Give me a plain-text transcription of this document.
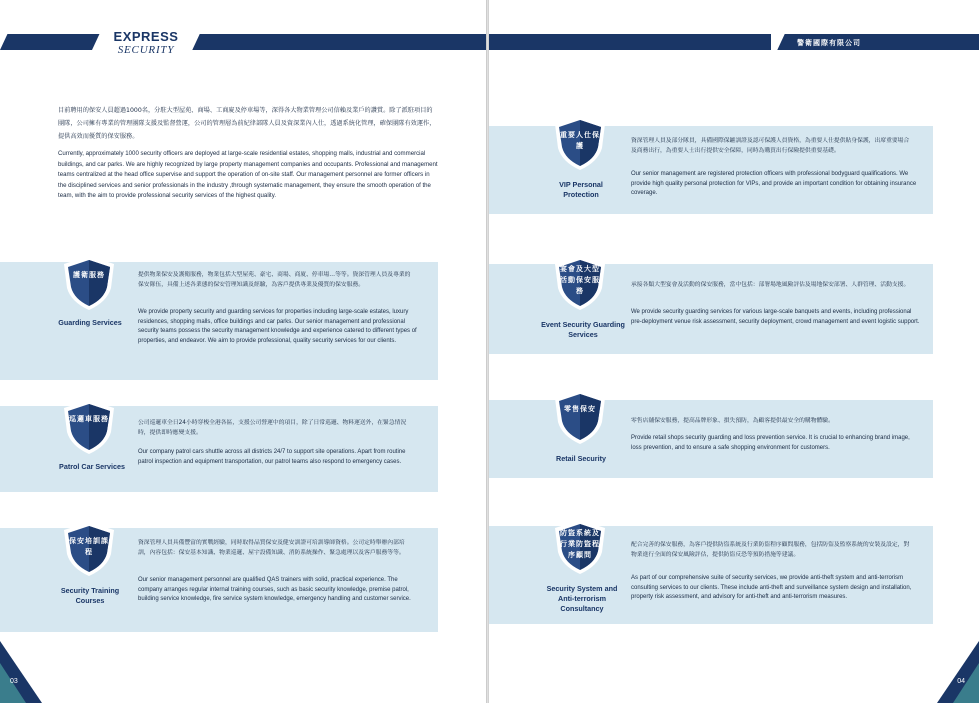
EXPRESS
SECURITY

目前聘用的保安人員超過1000名，分駐大型屋苑、商場、工商廈及停車場等，深得各大物業管理公司信賴及業戶的讚賞。除了派駐項目的團隊，公司擁有專業的管理團隊支援及監督營運，公司的管理層為前紀律部隊人員及資深業內人仕，透過系統化管理，確保團隊有效運作，提供高效而優質的保安服務。

Currently, approximately 1000 security officers are deployed at large-scale residential estates, shopping malls, industrial and commercial buildings, and car parks. We are highly recognized by large property management companies and occupants. Professional and management teams centralized at the head office supervise and support the operation of on-site staff. Our management personnel are former officers in the disciplined services and senior professionals in the industry ,through systematic management, they ensure the smooth operation of the team, with the aim to provide professional security services of the highest quality.

護衛服務
Guarding Services
提供物業保安及護衛服務，物業包括大型屋苑、豪宅、商場、商廈、停車場…等等。資深管理人員及專業的保安隊伍，具備上述各業態的保安管理知識及經驗，為客戶提供專業及優質的保安服務。
We provide property security and guarding services for properties including large-scale estates, luxury residences, shopping malls, office buildings and car parks. Our senior management and professional security teams possess the security management knowledge and experience catered to different types of properties, and endeavor. We aim to provide professional, quality security services for our clients.
巡邏車服務
Patrol Car Services
公司巡邏車全日24小時穿梭全港各區，支援公司營運中的項目，除了日常巡邏、物料運送外，在緊急情況時，提供即時應變支援。
Our company patrol cars shuttle across all districts 24/7 to support site operations. Apart from routine patrol inspection and equipment transportation, our patrol teams also respond to emergency cases.
保安培訓課程
Security Training Courses
資深管理人員具備豐富的實戰經驗，同時取得品質保安及健安訓證可培訓導師資格。公司定時舉辦內部培訓，內容包括：保安基本知識、物業巡邏、屋宇設備知識、消防系統操作、緊急處理以及客戶服務等等。
Our senior management personnel are qualified QAS trainers with solid, practical experience. The company arranges regular internal training courses, such as basic security knowledge, premise patrol, building service knowledge, fire service system knowledge, emergency handling and customer service.
03
警衛國際有限公司
重要人仕保護
VIP Personal Protection
資深管理人員及部分隊員，具備國際保鑣訓證及認可保護人員資格，為重要人仕提供貼身保護，出席重要場合及商務出行，為重要人士出行提供安全保障，同時為購買出行保險提供重要基礎。
Our senior management are registered protection officers with professional bodyguard qualifications. We provide high quality personal protection for VIPs, and provide an important condition for obtaining insurance coverage.
宴會及大型活動保安服務
Event Security Guarding Services
承接各類大型宴會及活動的保安服務，當中包括：部署場地風險評估及場地保安部署、人群管理、活動支援。
We provide security guarding services for various large-scale banquets and events, including professional pre-deployment venue risk assessment, security deployment, crowd management and event logistic support.
零售保安
Retail Security
零售店舖保安服務，提高品牌形象、損失預防，為顧客提供最安全的購物體驗。
Provide retail shops security guarding and loss prevention service. It is crucial to enhancing brand image, loss prevention, and to ensure a safe shopping environment for customers.
防盜系統及行業防盜程序顧問
Security System and Anti-terrorism Consultancy
配合完善的保安服務，為客戶提供防盜系統及行業防盜程序顧問服務，包括防盜及監察系統的安裝及設定，對物業進行全面的保安風險評估，提供防盜反恐等預防措施等建議。
As part of our comprehensive suite of security services, we provide anti-theft system and anti-terrorism consulting services to our clients. These include anti-theft and surveillance system design and installation, property risk assessment, and advisory for anti-theft and anti-terrorism measures.
04
